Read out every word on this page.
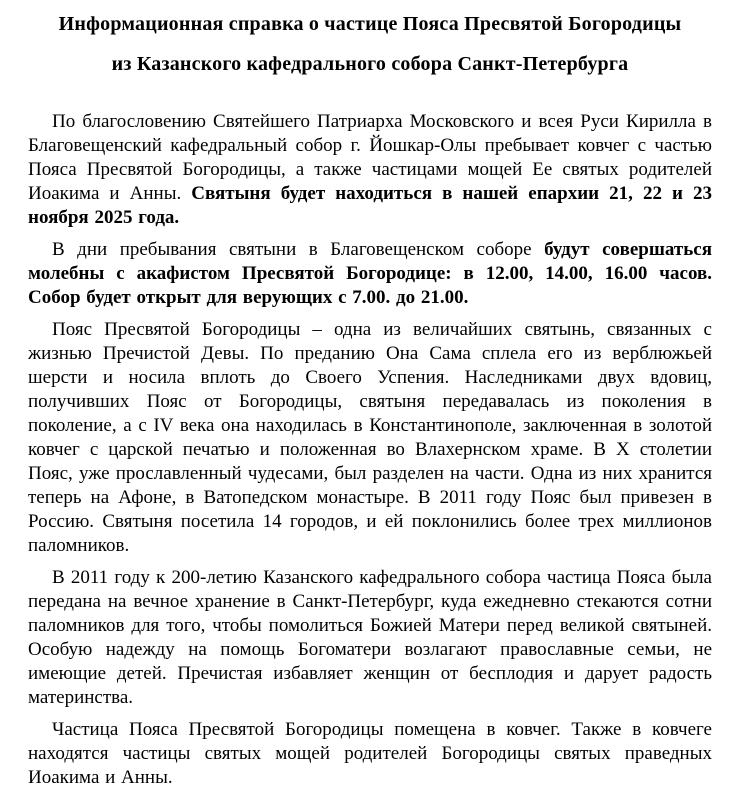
Информационная справка о частице Пояса Пресвятой Богородицы
из Казанского кафедрального собора Санкт-Петербурга

По благословению Святейшего Патриарха Московского и всея Руси Кирилла в Благовещенский кафедральный собор г. Йошкар-Олы пребывает ковчег с частью Пояса Пресвятой Богородицы, а также частицами мощей Ее святых родителей Иоакима и Анны. Святыня будет находиться в нашей епархии 21, 22 и 23 ноября 2025 года.

В дни пребывания святыни в Благовещенском соборе будут совершаться молебны с акафистом Пресвятой Богородице: в 12.00, 14.00, 16.00 часов. Собор будет открыт для верующих с 7.00. до 21.00.

Пояс Пресвятой Богородицы – одна из величайших святынь, связанных с жизнью Пречистой Девы. По преданию Она Сама сплела его из верблюжьей шерсти и носила вплоть до Своего Успения. Наследниками двух вдовиц, получивших Пояс от Богородицы, святыня передавалась из поколения в поколение, а с IV века она находилась в Константинополе, заключенная в золотой ковчег с царской печатью и положенная во Влахернском храме. В X столетии Пояс, уже прославленный чудесами, был разделен на части. Одна из них хранится теперь на Афоне, в Ватопедском монастыре. В 2011 году Пояс был привезен в Россию. Святыня посетила 14 городов, и ей поклонились более трех миллионов паломников.

В 2011 году к 200-летию Казанского кафедрального собора частица Пояса была передана на вечное хранение в Санкт-Петербург, куда ежедневно стекаются сотни паломников для того, чтобы помолиться Божией Матери перед великой святыней. Особую надежду на помощь Богоматери возлагают православные семьи, не имеющие детей. Пречистая избавляет женщин от бесплодия и дарует радость материнства.

Частица Пояса Пресвятой Богородицы помещена в ковчег. Также в ковчеге находятся частицы святых мощей родителей Богородицы святых праведных Иоакима и Анны.
